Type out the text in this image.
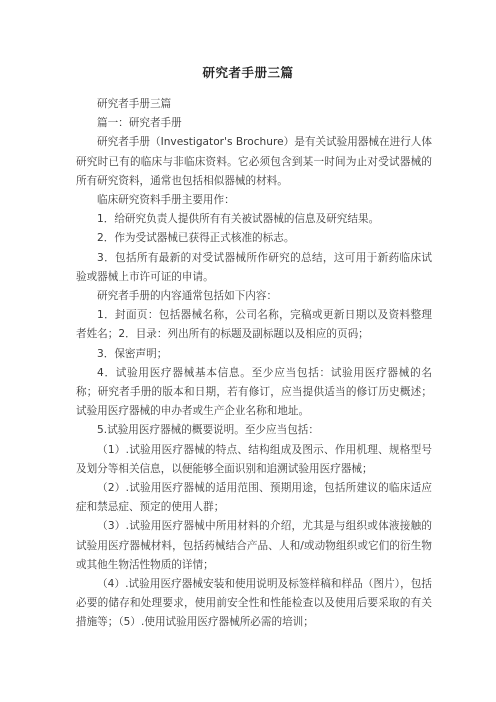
研究者手册三篇

研究者手册三篇

篇一：研究者手册

研究者手册（Investigator's Brochure）是有关试验用器械在进行人体研究时已有的临床与非临床资料。它必须包含到某一时间为止对受试器械的所有研究资料，通常也包括相似器械的材料。

临床研究资料手册主要用作：

1．给研究负责人提供所有有关被试器械的信息及研究结果。

2．作为受试器械已获得正式核准的标志。

3．包括所有最新的对受试器械所作研究的总结，这可用于新药临床试验或器械上市许可证的申请。

研究者手册的内容通常包括如下内容：

1．封面页：包括器械名称，公司名称，完稿或更新日期以及资料整理者姓名；2．目录：列出所有的标题及副标题以及相应的页码；

3．保密声明；

4．试验用医疗器械基本信息。至少应当包括：试验用医疗器械的名称；研究者手册的版本和日期，若有修订，应当提供适当的修订历史概述；试验用医疗器械的申办者或生产企业名称和地址。

5.试验用医疗器械的概要说明。至少应当包括：

（1）.试验用医疗器械的特点、结构组成及图示、作用机理、规格型号及划分等相关信息，以便能够全面识别和追溯试验用医疗器械；

（2）.试验用医疗器械的适用范围、预期用途，包括所建议的临床适应症和禁忌症、预定的使用人群；

（3）.试验用医疗器械中所用材料的介绍，尤其是与组织或体液接触的试验用医疗器械材料，包括药械结合产品、人和/或动物组织或它们的衍生物或其他生物活性物质的详情；

（4）.试验用医疗器械安装和使用说明及标签样稿和样品（图片），包括必要的储存和处理要求，使用前安全性和性能检查以及使用后要采取的有关措施等；（5）.使用试验用医疗器械所必需的培训；
